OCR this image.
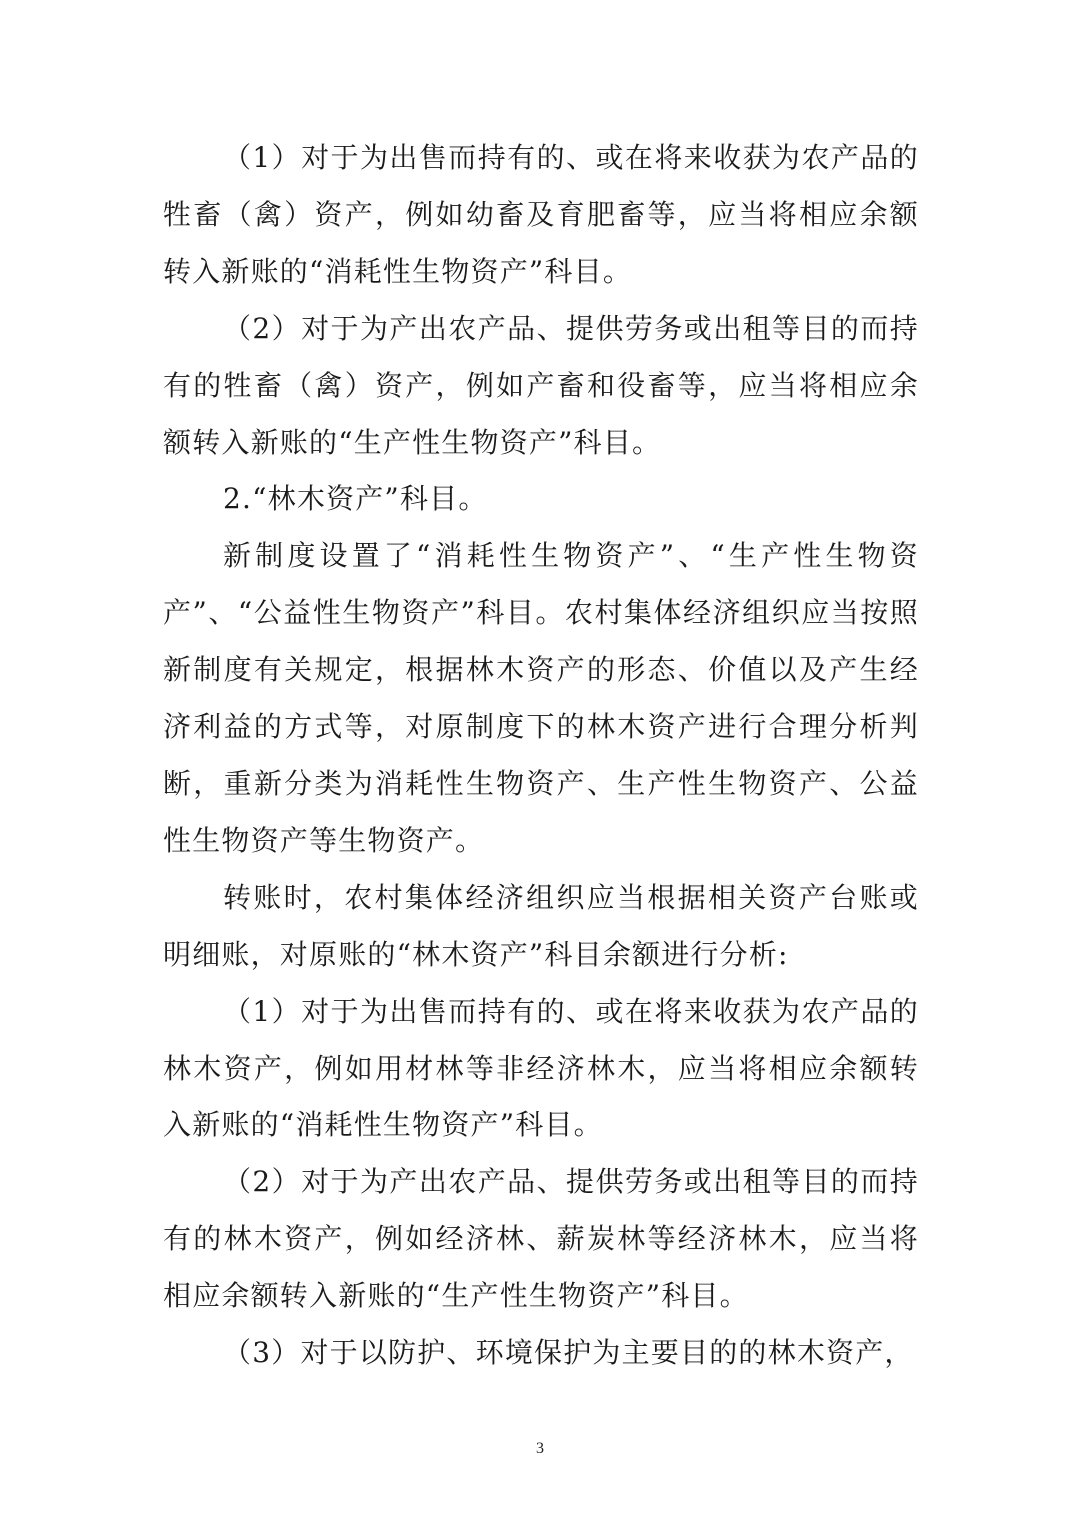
（1）对于为出售而持有的、或在将来收获为农产品的牲畜（禽）资产，例如幼畜及育肥畜等，应当将相应余额转入新账的“消耗性生物资产”科目。

（2）对于为产出农产品、提供劳务或出租等目的而持有的牲畜（禽）资产，例如产畜和役畜等，应当将相应余额转入新账的“生产性生物资产”科目。

2.“林木资产”科目。

新制度设置了“消耗性生物资产”、“生产性生物资产”、“公益性生物资产”科目。农村集体经济组织应当按照新制度有关规定，根据林木资产的形态、价值以及产生经济利益的方式等，对原制度下的林木资产进行合理分析判断，重新分类为消耗性生物资产、生产性生物资产、公益性生物资产等生物资产。

转账时，农村集体经济组织应当根据相关资产台账或明细账，对原账的“林木资产”科目余额进行分析:

（1）对于为出售而持有的、或在将来收获为农产品的林木资产，例如用材林等非经济林木，应当将相应余额转入新账的“消耗性生物资产”科目。

（2）对于为产出农产品、提供劳务或出租等目的而持有的林木资产，例如经济林、薪炭林等经济林木，应当将相应余额转入新账的“生产性生物资产”科目。

（3）对于以防护、环境保护为主要目的的林木资产，

3
